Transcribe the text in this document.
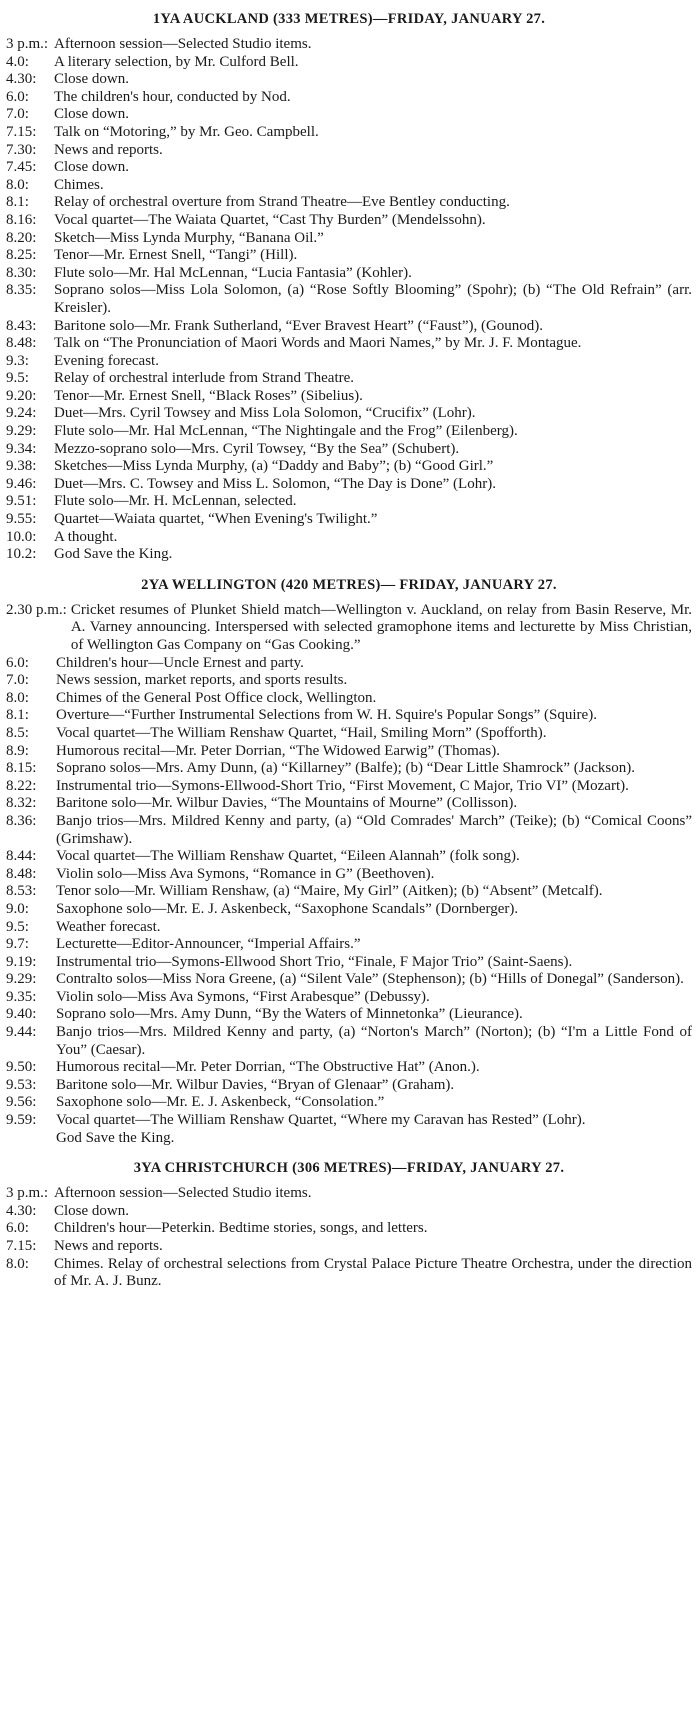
1YA AUCKLAND (333 METRES)—FRIDAY, JANUARY 27.
3 p.m.: Afternoon session—Selected Studio items.
4.0:	A literary selection, by Mr. Culford Bell.
4.30:	Close down.
6.0:	The children's hour, conducted by Nod.
7.0:	Close down.
7.15:	Talk on “Motoring,” by Mr. Geo. Campbell.
7.30:	News and reports.
7.45:	Close down.
8.0:	Chimes.
8.1:	Relay of orchestral overture from Strand Theatre—Eve Bentley conducting.
8.16:	Vocal quartet—The Waiata Quartet, “Cast Thy Burden” (Mendelssohn).
8.20:	Sketch—Miss Lynda Murphy, “Banana Oil.”
8.25:	Tenor—Mr. Ernest Snell, “Tangi” (Hill).
8.30:	Flute solo—Mr. Hal McLennan, “Lucia Fantasia” (Kohler).
8.35:	Soprano solos—Miss Lola Solomon, (a) “Rose Softly Blooming” (Spohr); (b) “The Old Refrain” (arr. Kreisler).
8.43:	Baritone solo—Mr. Frank Sutherland, “Ever Bravest Heart” (“Faust”), (Gounod).
8.48:	Talk on “The Pronunciation of Maori Words and Maori Names,” by Mr. J. F. Montague.
9.3:	Evening forecast.
9.5:	Relay of orchestral interlude from Strand Theatre.
9.20:	Tenor—Mr. Ernest Snell, “Black Roses” (Sibelius).
9.24:	Duet—Mrs. Cyril Towsey and Miss Lola Solomon, “Crucifix” (Lohr).
9.29:	Flute solo—Mr. Hal McLennan, “The Nightingale and the Frog” (Eilenberg).
9.34:	Mezzo-soprano solo—Mrs. Cyril Towsey, “By the Sea” (Schubert).
9.38:	Sketches—Miss Lynda Murphy, (a) “Daddy and Baby”; (b) “Good Girl.”
9.46:	Duet—Mrs. C. Towsey and Miss L. Solomon, “The Day is Done” (Lohr).
9.51:	Flute solo—Mr. H. McLennan, selected.
9.55:	Quartet—Waiata quartet, “When Evening's Twilight.”
10.0:	A thought.
10.2:	God Save the King.
2YA WELLINGTON (420 METRES)— FRIDAY, JANUARY 27.
2.30 p.m.: Cricket resumes of Plunket Shield match—Wellington v. Auckland, on relay from Basin Reserve, Mr. A. Varney announcing. Interspersed with selected gramophone items and lecturette by Miss Christian, of Wellington Gas Company on “Gas Cooking.”
6.0:	Children's hour—Uncle Ernest and party.
7.0:	News session, market reports, and sports results.
8.0:	Chimes of the General Post Office clock, Wellington.
8.1:	Overture—“Further Instrumental Selections from W. H. Squire's Popular Songs” (Squire).
8.5:	Vocal quartet—The William Renshaw Quartet, “Hail, Smiling Morn” (Spofforth).
8.9:	Humorous recital—Mr. Peter Dorrian, “The Widowed Earwig” (Thomas).
8.15:	Soprano solos—Mrs. Amy Dunn, (a) “Killarney” (Balfe); (b) “Dear Little Shamrock” (Jackson).
8.22:	Instrumental trio—Symons-Ellwood-Short Trio, “First Movement, C Major, Trio VI” (Mozart).
8.32:	Baritone solo—Mr. Wilbur Davies, “The Mountains of Mourne” (Collisson).
8.36:	Banjo trios—Mrs. Mildred Kenny and party, (a) “Old Comrades' March” (Teike); (b) “Comical Coons” (Grimshaw).
8.44:	Vocal quartet—The William Renshaw Quartet, “Eileen Alannah” (folk song).
8.48:	Violin solo—Miss Ava Symons, “Romance in G” (Beethoven).
8.53:	Tenor solo—Mr. William Renshaw, (a) “Maire, My Girl” (Aitken); (b) “Absent” (Metcalf).
9.0:	Saxophone solo—Mr. E. J. Askenbeck, “Saxophone Scandals” (Dornberger).
9.5:	Weather forecast.
9.7:	Lecturette—Editor-Announcer, “Imperial Affairs.”
9.19:	Instrumental trio—Symons-Ellwood Short Trio, “Finale, F Major Trio” (Saint-Saens).
9.29:	Contralto solos—Miss Nora Greene, (a) “Silent Vale” (Stephenson); (b) “Hills of Donegal” (Sanderson).
9.35:	Violin solo—Miss Ava Symons, “First Arabesque” (Debussy).
9.40:	Soprano solo—Mrs. Amy Dunn, “By the Waters of Minnetonka” (Lieurance).
9.44:	Banjo trios—Mrs. Mildred Kenny and party, (a) “Norton's March” (Norton); (b) “I'm a Little Fond of You” (Caesar).
9.50:	Humorous recital—Mr. Peter Dorrian, “The Obstructive Hat” (Anon.).
9.53:	Baritone solo—Mr. Wilbur Davies, “Bryan of Glenaar” (Graham).
9.56:	Saxophone solo—Mr. E. J. Askenbeck, “Consolation.”
9.59:	Vocal quartet—The William Renshaw Quartet, “Where my Caravan has Rested” (Lohr).
God Save the King.
3YA CHRISTCHURCH (306 METRES)—FRIDAY, JANUARY 27.
3 p.m.: Afternoon session—Selected Studio items.
4.30:	Close down.
6.0:	Children's hour—Peterkin. Bedtime stories, songs, and letters.
7.15:	News and reports.
8.0:	Chimes. Relay of orchestral selections from Crystal Palace Picture Theatre Orchestra, under the direction of Mr. A. J. Bunz.
